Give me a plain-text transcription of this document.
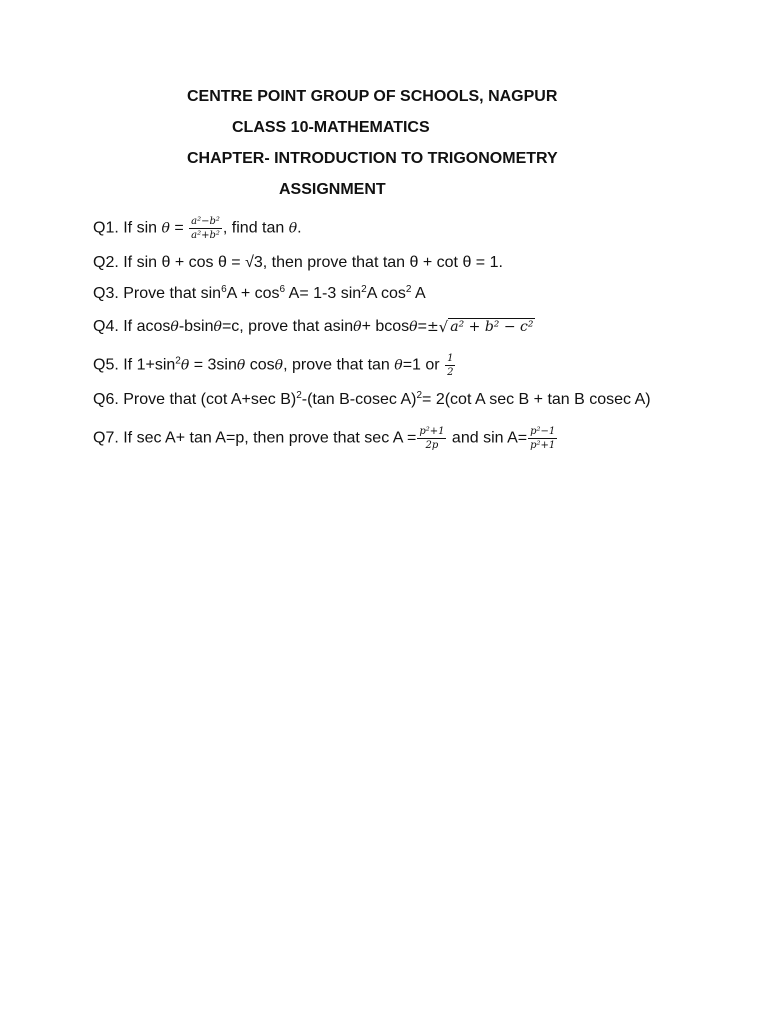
CENTRE POINT GROUP OF SCHOOLS, NAGPUR
CLASS 10-MATHEMATICS
CHAPTER- INTRODUCTION TO TRIGONOMETRY
ASSIGNMENT
Q1. If $\sin \theta = \frac{\text{a²−b²}}{\text{a²+b²}}$ , find tan θ.
Q2. If sin θ + cos θ = √3, then prove that tan θ + cot θ = 1.
Q3. Prove that $\sin^6A + \cos^6 A= 1-3$ $\sin^2A$ $\cos^2 A$
Q4. If acosθ-bsinθ=c, prove that asinθ+ bcosθ=±√ a² + b² − c²
Q5. If $1+\sin^2\theta = 3\sin\theta$ cosθ, prove that tan θ=1 or $\frac{1}{2}$
Q6. Prove that (cot A+sec B)$^2$-(tan B-cosec A)$^2$= 2(cot A sec B + tan B cosec A)
Q7. If sec A+ tan A=p, then prove that $\sec A = \frac{\text{p²+1}}{2p}$ and $\sin A= \frac{\text{p²−1}}{\text{p²+1}}$
